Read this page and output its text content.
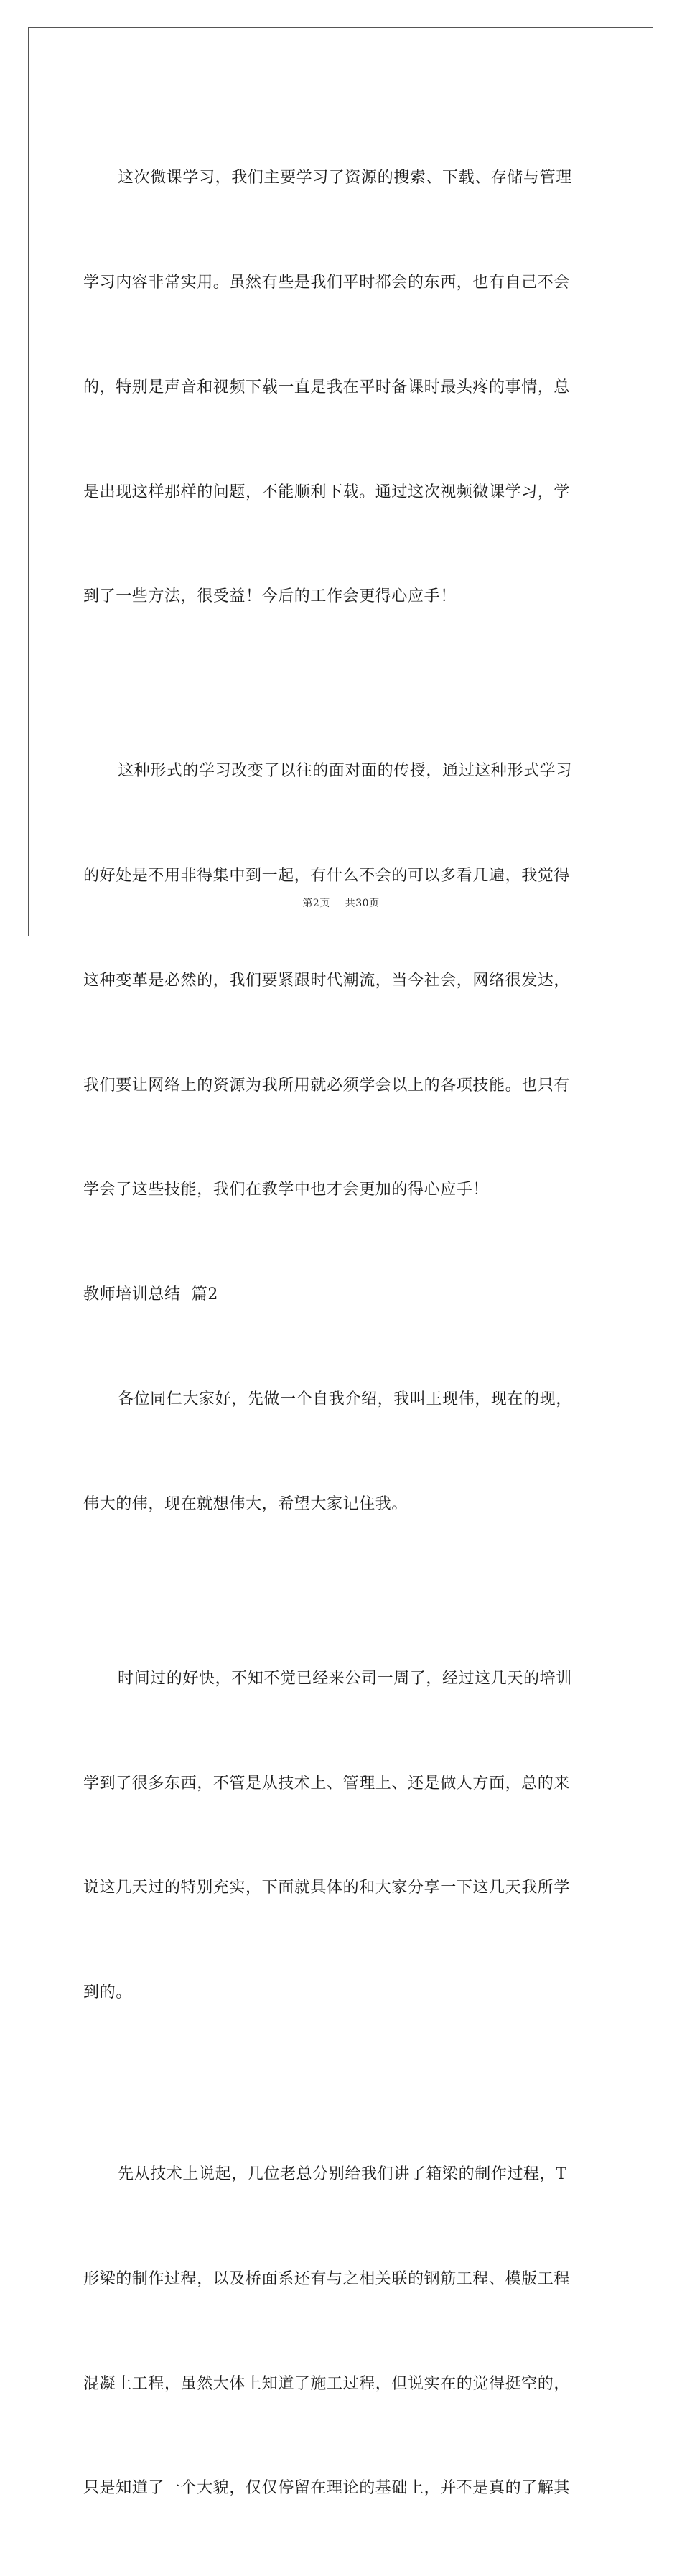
这次微课学习，我们主要学习了资源的搜索、下载、存储与管理

学习内容非常实用。虽然有些是我们平时都会的东西，也有自己不会

的，特别是声音和视频下载一直是我在平时备课时最头疼的事情，总

是出现这样那样的问题，不能顺利下载。通过这次视频微课学习，学

到了一些方法，很受益！今后的工作会更得心应手！

这种形式的学习改变了以往的面对面的传授，通过这种形式学习

的好处是不用非得集中到一起，有什么不会的可以多看几遍，我觉得

这种变革是必然的，我们要紧跟时代潮流，当今社会，网络很发达，

我们要让网络上的资源为我所用就必须学会以上的各项技能。也只有

学会了这些技能，我们在教学中也才会更加的得心应手！

教师培训总结  篇2

各位同仁大家好，先做一个自我介绍，我叫王现伟，现在的现，

伟大的伟，现在就想伟大，希望大家记住我。

时间过的好快，不知不觉已经来公司一周了，经过这几天的培训

学到了很多东西，不管是从技术上、管理上、还是做人方面，总的来

说这几天过的特别充实，下面就具体的和大家分享一下这几天我所学

到的。

先从技术上说起，几位老总分别给我们讲了箱梁的制作过程，T

形梁的制作过程，以及桥面系还有与之相关联的钢筋工程、模版工程

混凝土工程，虽然大体上知道了施工过程，但说实在的觉得挺空的，

只是知道了一个大貌，仅仅停留在理论的基础上，并不是真的了解其

第2页 共30页
